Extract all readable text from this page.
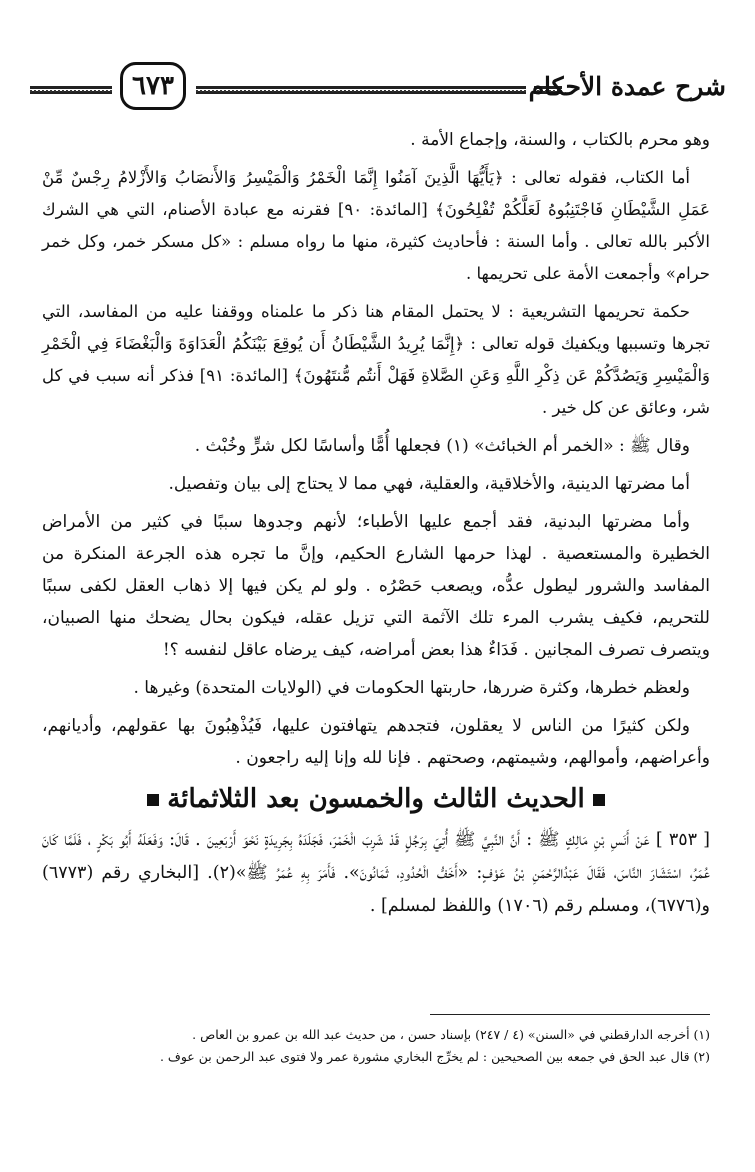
٦٧٣	شرح عمدة الأحكام

وهو محرم بالكتاب ، والسنة، وإجماع الأمة .

أما الكتاب، فقوله تعالى : ﴿يَأَيُّهَا الَّذِينَ آمَنُوا إِنَّمَا الْخَمْرُ وَالْمَيْسِرُ وَالأَنصَابُ وَالأَزْلامُ رِجْسٌ مِّنْ عَمَلِ الشَّيْطَانِ فَاجْتَنِبُوهُ لَعَلَّكُمْ تُفْلِحُونَ﴾ [المائدة: ٩٠] فقرنه مع عبادة الأصنام، التي هي الشرك الأكبر بالله تعالى . وأما السنة : فأحاديث كثيرة، منها ما رواه مسلم : «كل مسكر خمر، وكل خمر حرام» وأجمعت الأمة على تحريمها .

حكمة تحريمها التشريعية : لا يحتمل المقام هنا ذكر ما علمناه ووقفنا عليه من المفاسد، التي تجرها وتسببها ويكفيك قوله تعالى : ﴿إِنَّمَا يُرِيدُ الشَّيْطَانُ أَن يُوقِعَ بَيْنَكُمُ الْعَدَاوَةَ وَالْبَغْضَاءَ فِي الْخَمْرِ وَالْمَيْسِرِ وَيَصُدَّكُمْ عَن ذِكْرِ اللَّهِ وَعَنِ الصَّلاةِ فَهَلْ أَنتُم مُّنتَهُونَ﴾ [المائدة: ٩١] فذكر أنه سبب في كل شر، وعائق عن كل خير .

وقال ﷺ : «الخمر أم الخبائث» (١) فجعلها أُمًّا وأساسًا لكل شرٍّ وخُبْث .

أما مضرتها الدينية، والأخلاقية، والعقلية، فهي مما لا يحتاج إلى بيان وتفصيل.

وأما مضرتها البدنية، فقد أجمع عليها الأطباء؛ لأنهم وجدوها سببًا في كثير من الأمراض الخطيرة والمستعصية . لهذا حرمها الشارع الحكيم، وإنَّ ما تجره هذه الجرعة المنكرة من المفاسد والشرور ليطول عدُّه، ويصعب حَصْرُه . ولو لم يكن فيها إلا ذهاب العقل لكفى سببًا للتحريم، فكيف يشرب المرء تلك الآثمة التي تزيل عقله، فيكون بحال يضحك منها الصبيان، ويتصرف تصرف المجانين . فَدَاءٌ هذا بعض أمراضه، كيف يرضاه عاقل لنفسه ؟!

ولعظم خطرها، وكثرة ضررها، حاربتها الحكومات في (الولايات المتحدة) وغيرها .

ولكن كثيرًا من الناس لا يعقلون، فتجدهم يتهافتون عليها، فَيُذْهِبُونَ بها عقولهم، وأديانهم، وأعراضهم، وأموالهم، وشيمتهم، وصحتهم . فإنا لله وإنا إليه راجعون .

الحديث الثالث والخمسون بعد الثلاثمائة

[ ٣٥٣ ] عَنْ أَنَسِ بْنِ مَالِكٍ ﷺ : أَنَّ النَّبِيَّ ﷺ أُتِيَ بِرَجُلٍ قَدْ شَرِبَ الْخَمْرَ، فَجَلَدَهُ بِجَرِيدَةٍ نَحْوَ أَرْبَعِينَ . قَالَ: وَفَعَلَهُ أَبُو بَكْرٍ ، فَلَمَّا كَانَ عُمَرُ، اسْتَشَارَ النَّاسَ، فَقَالَ عَبْدُالرَّحْمَنِ بْنُ عَوْفٍ: «أَخَفُّ الْحُدُودِ، ثَمَانُونَ». فَأَمَرَ بِهِ عُمَرُ ﷺ»(٢). [البخاري رقم (٦٧٧٣) و(٦٧٧٦)، ومسلم رقم (١٧٠٦) واللفظ لمسلم] .

(١) أخرجه الدارقطني في «السنن» (٤ / ٢٤٧) بإسناد حسن ، من حديث عبد الله بن عمرو بن العاص .

(٢) قال عبد الحق في جمعه بين الصحيحين : لم يخرِّج البخاري مشورة عمر ولا فتوى عبد الرحمن بن عوف .
